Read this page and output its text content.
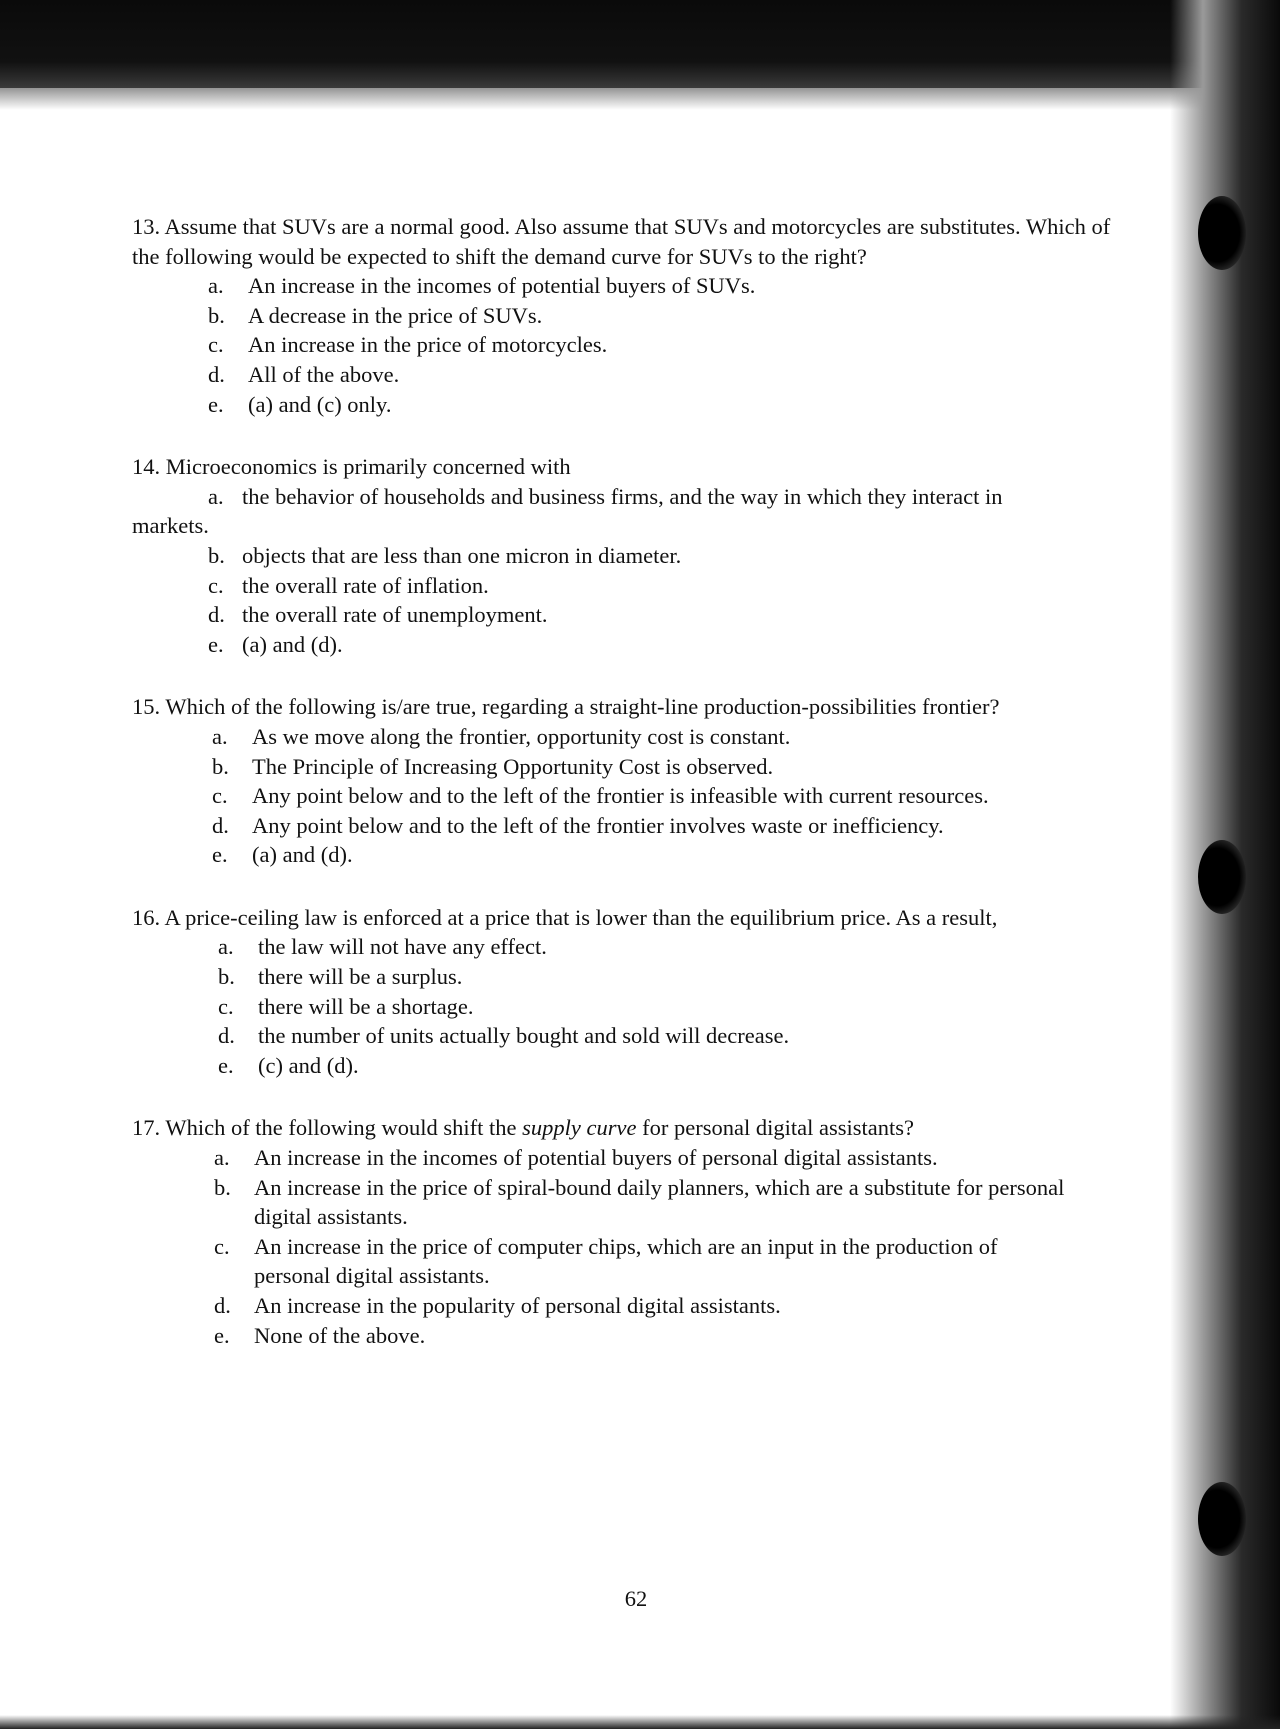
13. Assume that SUVs are a normal good. Also assume that SUVs and motorcycles are substitutes. Which of the following would be expected to shift the demand curve for SUVs to the right?

a.	An increase in the incomes of potential buyers of SUVs.
b.	A decrease in the price of SUVs.
c.	An increase in the price of motorcycles.
d.	All of the above.
e.	(a) and (c) only.

14. Microeconomics is primarily concerned with

a. the behavior of households and business firms, and the way in which they interact in
markets.
b. objects that are less than one micron in diameter.
c. the overall rate of inflation.
d. the overall rate of unemployment.
e. (a) and (d).

15. Which of the following is/are true, regarding a straight-line production-possibilities frontier?

a.	As we move along the frontier, opportunity cost is constant.
b.	The Principle of Increasing Opportunity Cost is observed.
c.	Any point below and to the left of the frontier is infeasible with current resources.
d.	Any point below and to the left of the frontier involves waste or inefficiency.
e.	(a) and (d).

16. A price-ceiling law is enforced at a price that is lower than the equilibrium price. As a result,

a.	the law will not have any effect.
b.	there will be a surplus.
c.	there will be a shortage.
d.	the number of units actually bought and sold will decrease.
e.	(c) and (d).

17. Which of the following would shift the supply curve for personal digital assistants?

a.	An increase in the incomes of potential buyers of personal digital assistants.
b.	An increase in the price of spiral-bound daily planners, which are a substitute for personal digital assistants.
c.	An increase in the price of computer chips, which are an input in the production of personal digital assistants.
d.	An increase in the popularity of personal digital assistants.
e.	None of the above.
62
